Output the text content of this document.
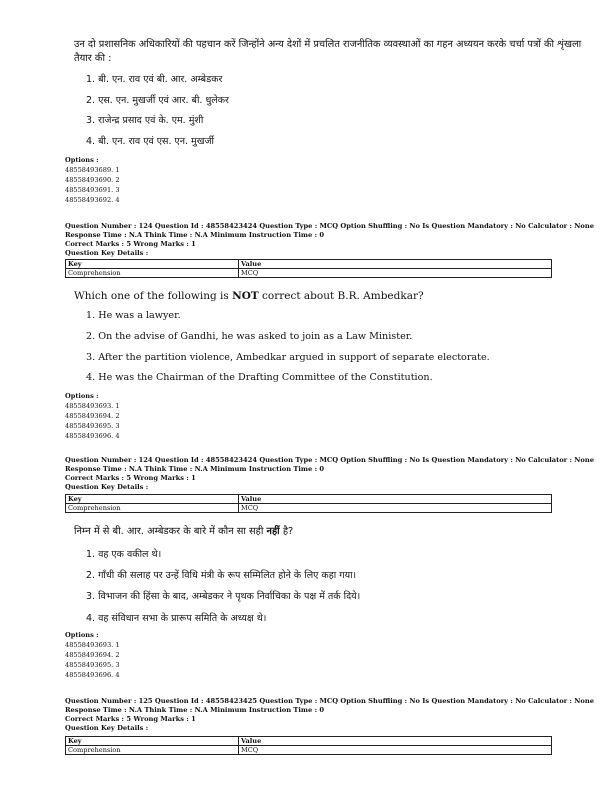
उन दो प्रशासनिक अधिकारियों की पहचान करें जिन्होंने अन्य देशों में प्रचलित राजनीतिक व्यवस्थाओं का गहन अध्ययन करके चर्चा पत्रों की शृंखला
तैयार की :
1. बी. एन. राव एवं बी. आर. अम्बेडकर
2. एस. एन. मुखर्जी एवं आर. बी. धुलेकर
3. राजेन्द्र प्रसाद एवं के. एम. मुंशी
4. बी. एन. राव एवं एस. एन. मुखर्जी
Options :
48558493689. 1
48558493690. 2
48558493691. 3
48558493692. 4
Question Number : 124 Question Id : 48558423424 Question Type : MCQ Option Shuffling : No Is Question Mandatory : No Calculator : None
Response Time : N.A Think Time : N.A Minimum Instruction Time : 0
Correct Marks : 5 Wrong Marks : 1
Question Key Details :
Key	Value
Comprehension	MCQ
Which one of the following is NOT correct about B.R. Ambedkar?
1. He was a lawyer.
2. On the advise of Gandhi, he was asked to join as a Law Minister.
3. After the partition violence, Ambedkar argued in support of separate electorate.
4. He was the Chairman of the Drafting Committee of the Constitution.
Options :
48558493693. 1
48558493694. 2
48558493695. 3
48558493696. 4
Question Number : 124 Question Id : 48558423424 Question Type : MCQ Option Shuffling : No Is Question Mandatory : No Calculator : None
Response Time : N.A Think Time : N.A Minimum Instruction Time : 0
Correct Marks : 5 Wrong Marks : 1
Question Key Details :
Key	Value
Comprehension	MCQ
निम्न में से बी. आर. अम्बेडकर के बारे में कौन सा सही नहीं है?
1. वह एक वकील थे।
2. गाँधी की सलाह पर उन्हें विधि मंत्री के रूप सम्मिलित होने के लिए कहा गया।
3. विभाजन की हिंसा के बाद, अम्बेडकर ने पृथक निर्वाचिका के पक्ष में तर्क दिये।
4. वह संविधान सभा के प्रारूप समिति के अध्यक्ष थे।
Options :
48558493693. 1
48558493694. 2
48558493695. 3
48558493696. 4
Question Number : 125 Question Id : 48558423425 Question Type : MCQ Option Shuffling : No Is Question Mandatory : No Calculator : None
Response Time : N.A Think Time : N.A Minimum Instruction Time : 0
Correct Marks : 5 Wrong Marks : 1
Question Key Details :
Key	Value
Comprehension	MCQ
